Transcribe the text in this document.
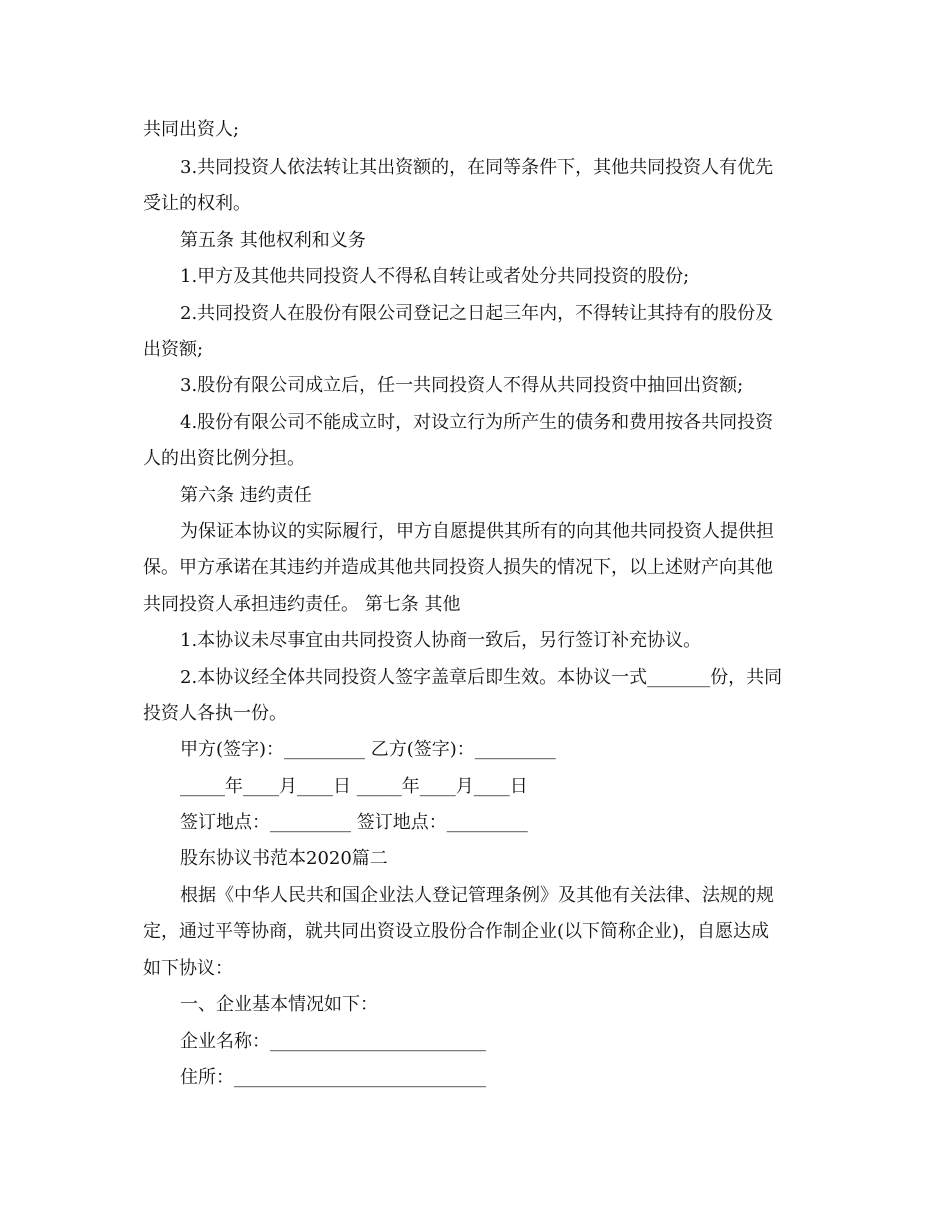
共同出资人;
3.共同投资人依法转让其出资额的，在同等条件下，其他共同投资人有优先
受让的权利。
第五条 其他权利和义务
1.甲方及其他共同投资人不得私自转让或者处分共同投资的股份;
2.共同投资人在股份有限公司登记之日起三年内，不得转让其持有的股份及
出资额;
3.股份有限公司成立后，任一共同投资人不得从共同投资中抽回出资额;
4.股份有限公司不能成立时，对设立行为所产生的债务和费用按各共同投资
人的出资比例分担。
第六条 违约责任
为保证本协议的实际履行，甲方自愿提供其所有的向其他共同投资人提供担
保。甲方承诺在其违约并造成其他共同投资人损失的情况下，以上述财产向其他
共同投资人承担违约责任。 第七条 其他
1.本协议未尽事宜由共同投资人协商一致后，另行签订补充协议。
2.本协议经全体共同投资人签字盖章后即生效。本协议一式_______份，共同
投资人各执一份。
甲方(签字)：_________ 乙方(签字)：_________
_____年____月____日 _____年____月____日
签订地点：_________ 签订地点：_________
股东协议书范本2020篇二
根据《中华人民共和国企业法人登记管理条例》及其他有关法律、法规的规
定，通过平等协商，就共同出资设立股份合作制企业(以下简称企业)，自愿达成
如下协议：
一、企业基本情况如下：
企业名称：________________________
住所：____________________________
